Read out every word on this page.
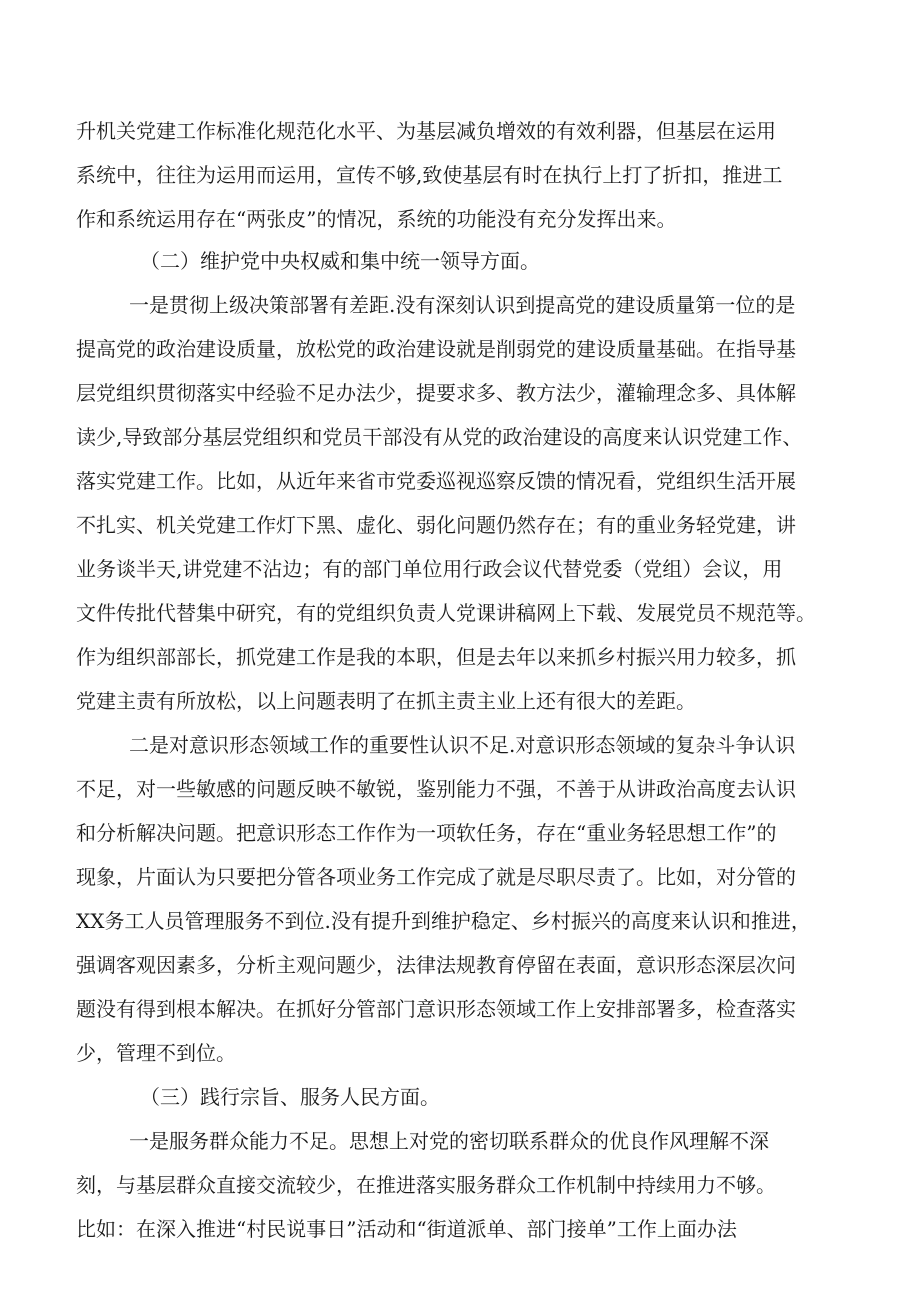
升机关党建工作标准化规范化水平、为基层减负增效的有效利器，但基层在运用
系统中，往往为运用而运用，宣传不够,致使基层有时在执行上打了折扣，推进工
作和系统运用存在“两张皮”的情况，系统的功能没有充分发挥出来。
（二）维护党中央权威和集中统一领导方面。
一是贯彻上级决策部署有差距.没有深刻认识到提高党的建设质量第一位的是
提高党的政治建设质量，放松党的政治建设就是削弱党的建设质量基础。在指导基
层党组织贯彻落实中经验不足办法少，提要求多、教方法少，灌输理念多、具体解
读少,导致部分基层党组织和党员干部没有从党的政治建设的高度来认识党建工作、
落实党建工作。比如，从近年来省市党委巡视巡察反馈的情况看，党组织生活开展
不扎实、机关党建工作灯下黑、虚化、弱化问题仍然存在；有的重业务轻党建，讲
业务谈半天,讲党建不沾边；有的部门单位用行政会议代替党委（党组）会议，用
文件传批代替集中研究，有的党组织负责人党课讲稿网上下载、发展党员不规范等。
作为组织部部长，抓党建工作是我的本职，但是去年以来抓乡村振兴用力较多，抓
党建主责有所放松，以上问题表明了在抓主责主业上还有很大的差距。
二是对意识形态领域工作的重要性认识不足.对意识形态领域的复杂斗争认识
不足，对一些敏感的问题反映不敏锐，鉴别能力不强，不善于从讲政治高度去认识
和分析解决问题。把意识形态工作作为一项软任务，存在“重业务轻思想工作”的
现象，片面认为只要把分管各项业务工作完成了就是尽职尽责了。比如，对分管的
XX务工人员管理服务不到位.没有提升到维护稳定、乡村振兴的高度来认识和推进，
强调客观因素多，分析主观问题少，法律法规教育停留在表面，意识形态深层次问
题没有得到根本解决。在抓好分管部门意识形态领域工作上安排部署多，检查落实
少，管理不到位。
（三）践行宗旨、服务人民方面。
一是服务群众能力不足。思想上对党的密切联系群众的优良作风理解不深
刻，与基层群众直接交流较少，在推进落实服务群众工作机制中持续用力不够。
比如：在深入推进“村民说事日”活动和“街道派单、部门接单”工作上面办法
